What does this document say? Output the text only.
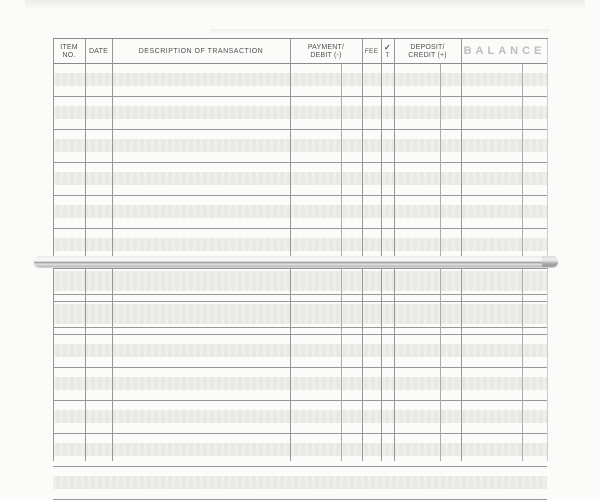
ITEM
NO.
DATE	DESCRIPTION OF TRANSACTION
PAYMENT/
DEBIT (-)
FEE ✓
T
DEPOSIT/
CREDIT (+) BALANCE
